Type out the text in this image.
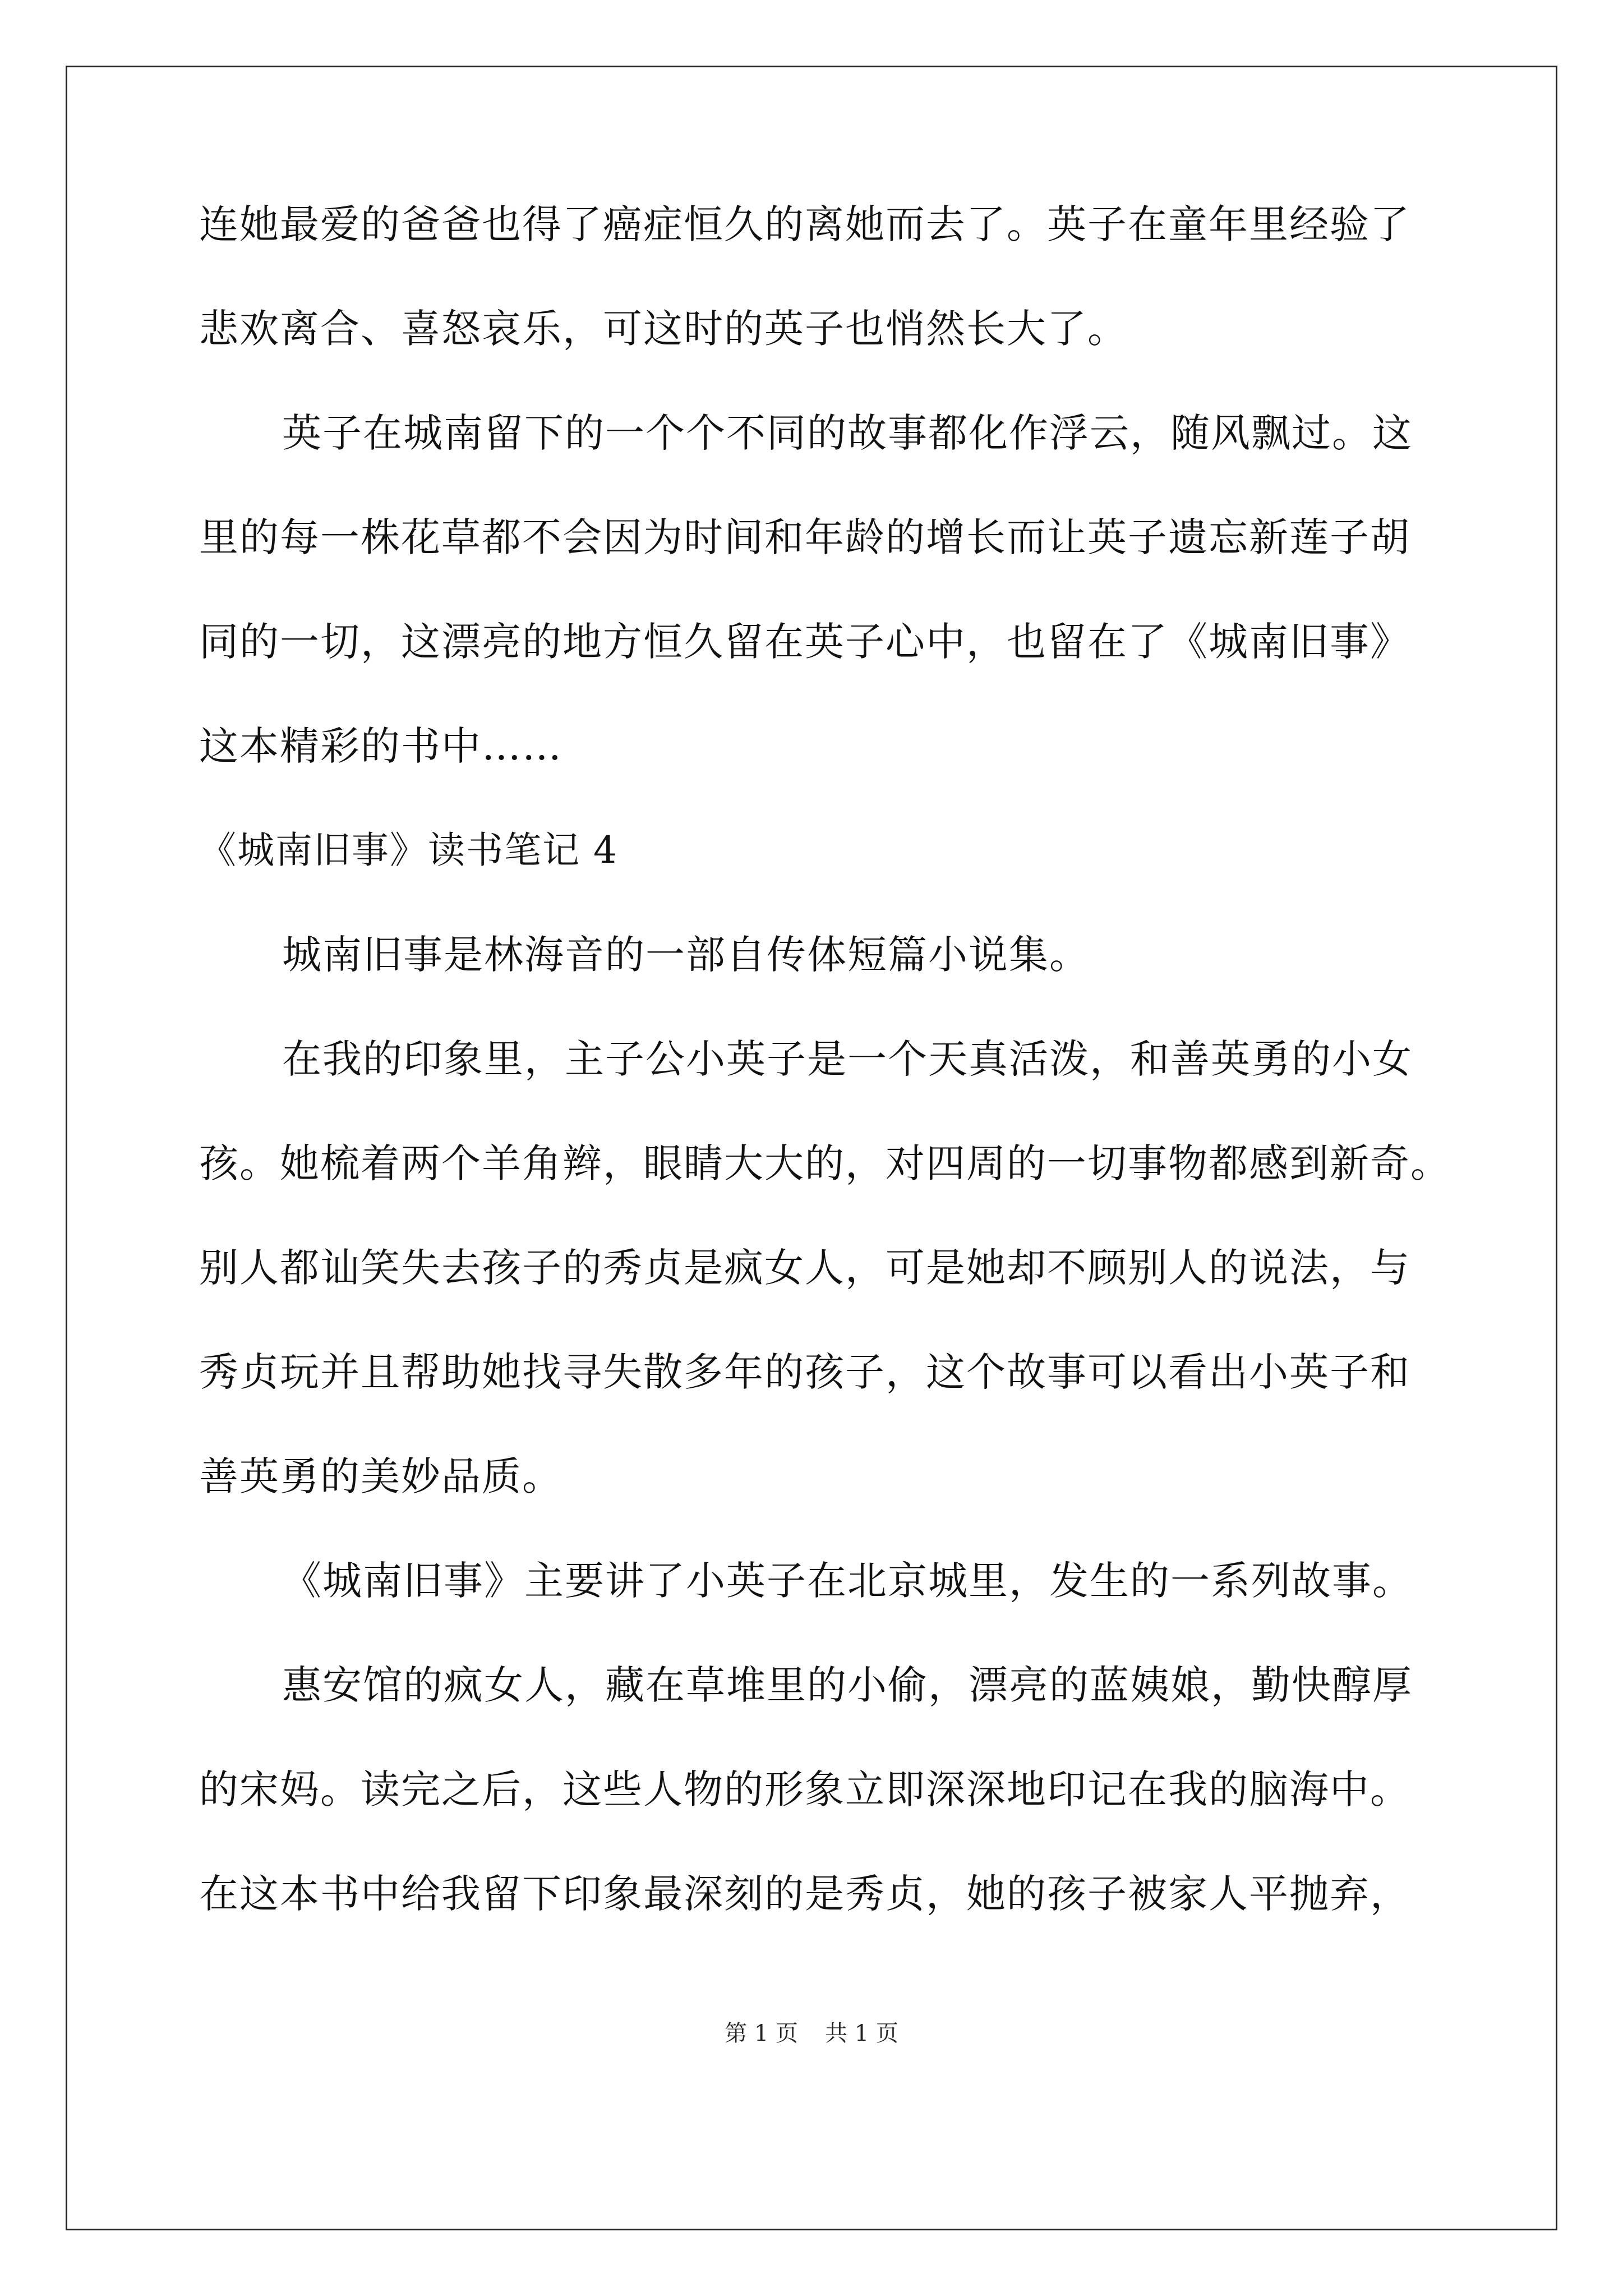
连她最爱的爸爸也得了癌症恒久的离她而去了。英子在童年里经验了

悲欢离合、喜怒哀乐，可这时的英子也悄然长大了。

英子在城南留下的一个个不同的故事都化作浮云，随风飘过。这

里的每一株花草都不会因为时间和年龄的增长而让英子遗忘新莲子胡

同的一切，这漂亮的地方恒久留在英子心中，也留在了《城南旧事》

这本精彩的书中……

《城南旧事》读书笔记 4

城南旧事是林海音的一部自传体短篇小说集。

在我的印象里，主子公小英子是一个天真活泼，和善英勇的小女

孩。她梳着两个羊角辫，眼睛大大的，对四周的一切事物都感到新奇。

别人都讪笑失去孩子的秀贞是疯女人，可是她却不顾别人的说法，与

秀贞玩并且帮助她找寻失散多年的孩子，这个故事可以看出小英子和

善英勇的美妙品质。

《城南旧事》主要讲了小英子在北京城里，发生的一系列故事。

惠安馆的疯女人，藏在草堆里的小偷，漂亮的蓝姨娘，勤快醇厚

的宋妈。读完之后，这些人物的形象立即深深地印记在我的脑海中。

在这本书中给我留下印象最深刻的是秀贞，她的孩子被家人平抛弃，

第 1 页 共 1 页
